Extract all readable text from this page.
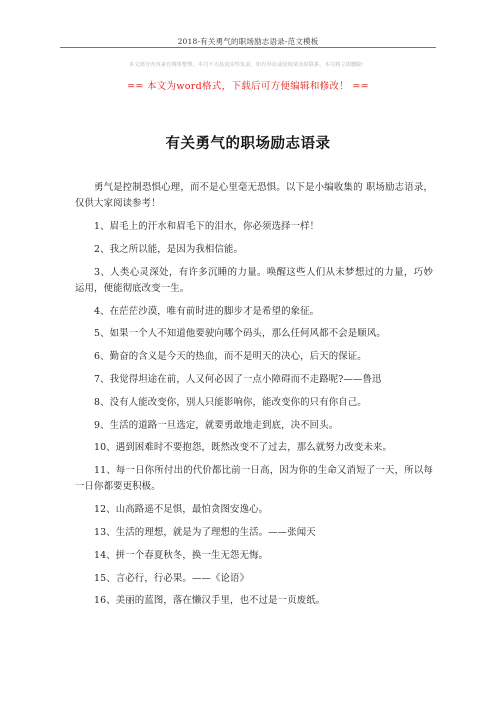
2018-有关勇气的职场励志语录-范文模板
本文部分内容来自网络整理，本司不为其真实性负责，如有异议或侵权请及时联系，本司将立即删除！
== 本文为word格式，下载后可方便编辑和修改！ ==
有关勇气的职场励志语录

勇气是控制恐惧心理，而不是心里毫无恐惧。以下是小编收集的 职场励志语录，仅供大家阅读参考！

1、眉毛上的汗水和眉毛下的泪水，你必须选择一样！

2、我之所以能，是因为我相信能。

3、人类心灵深处，有许多沉睡的力量。唤醒这些人们从未梦想过的力量，巧妙运用，便能彻底改变一生。

4、在茫茫沙漠，唯有前时进的脚步才是希望的象征。

5、如果一个人不知道他要驶向哪个码头，那么任何风都不会是顺风。

6、勤奋的含义是今天的热血，而不是明天的决心，后天的保证。

7、我觉得坦途在前，人又何必因了一点小障碍而不走路呢?——鲁迅

8、没有人能改变你，别人只能影响你，能改变你的只有你自己。

9、生活的道路一旦选定，就要勇敢地走到底，决不回头。

10、遇到困难时不要抱怨，既然改变不了过去，那么就努力改变未来。

11、每一日你所付出的代价都比前一日高，因为你的生命又消短了一天，所以每一日你都要更积极。

12、山高路遥不足惧，最怕贪图安逸心。

13、生活的理想，就是为了理想的生活。——张闻天

14、拼一个春夏秋冬，换一生无怨无悔。

15、言必行，行必果。——《论语》

16、美丽的蓝图，落在懒汉手里，也不过是一页废纸。
